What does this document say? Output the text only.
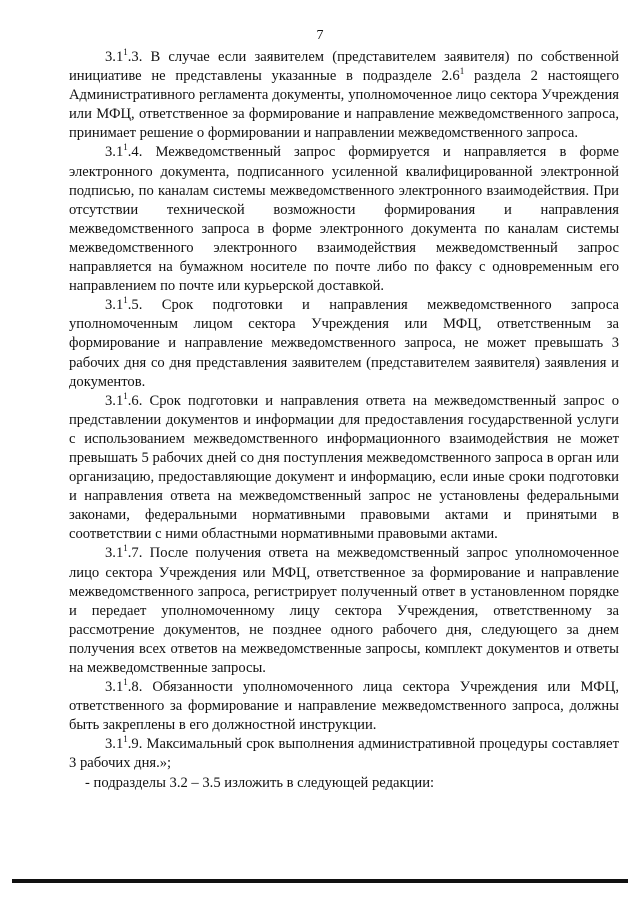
7

$3.1^1.3$. В случае если заявителем (представителем заявителя) по собственной инициативе не представлены указанные в подразделе $2.6^1$ раздела 2 настоящего Административного регламента документы, уполномоченное лицо сектора Учреждения или МФЦ, ответственное за формирование и направление межведомственного запроса, принимает решение о формировании и направлении межведомственного запроса.

$3.1^1.4$. Межведомственный запрос формируется и направляется в форме электронного документа, подписанного усиленной квалифицированной электронной подписью, по каналам системы межведомственного электронного взаимодействия. При отсутствии технической возможности формирования и направления межведомственного запроса в форме электронного документа по каналам системы межведомственного электронного взаимодействия межведомственный запрос направляется на бумажном носителе по почте либо по факсу с одновременным его направлением по почте или курьерской доставкой.

$3.1^1.5$. Срок подготовки и направления межведомственного запроса уполномоченным лицом сектора Учреждения или МФЦ, ответственным за формирование и направление межведомственного запроса, не может превышать 3 рабочих дня со дня представления заявителем (представителем заявителя) заявления и документов.

$3.1^1.6$. Срок подготовки и направления ответа на межведомственный запрос о представлении документов и информации для предоставления государственной услуги с использованием межведомственного информационного взаимодействия не может превышать 5 рабочих дней со дня поступления межведомственного запроса в орган или организацию, предоставляющие документ и информацию, если иные сроки подготовки и направления ответа на межведомственный запрос не установлены федеральными законами, федеральными нормативными правовыми актами и принятыми в соответствии с ними областными нормативными правовыми актами.

$3.1^1.7$. После получения ответа на межведомственный запрос уполномоченное лицо сектора Учреждения или МФЦ, ответственное за формирование и направление межведомственного запроса, регистрирует полученный ответ в установленном порядке и передает уполномоченному лицу сектора Учреждения, ответственному за рассмотрение документов, не позднее одного рабочего дня, следующего за днем получения всех ответов на межведомственные запросы, комплект документов и ответы на межведомственные запросы.

$3.1^1.8$. Обязанности уполномоченного лица сектора Учреждения или МФЦ, ответственного за формирование и направление межведомственного запроса, должны быть закреплены в его должностной инструкции.

$3.1^1.9$. Максимальный срок выполнения административной процедуры составляет 3 рабочих дня.»;

- подразделы 3.2 – 3.5 изложить в следующей редакции:
